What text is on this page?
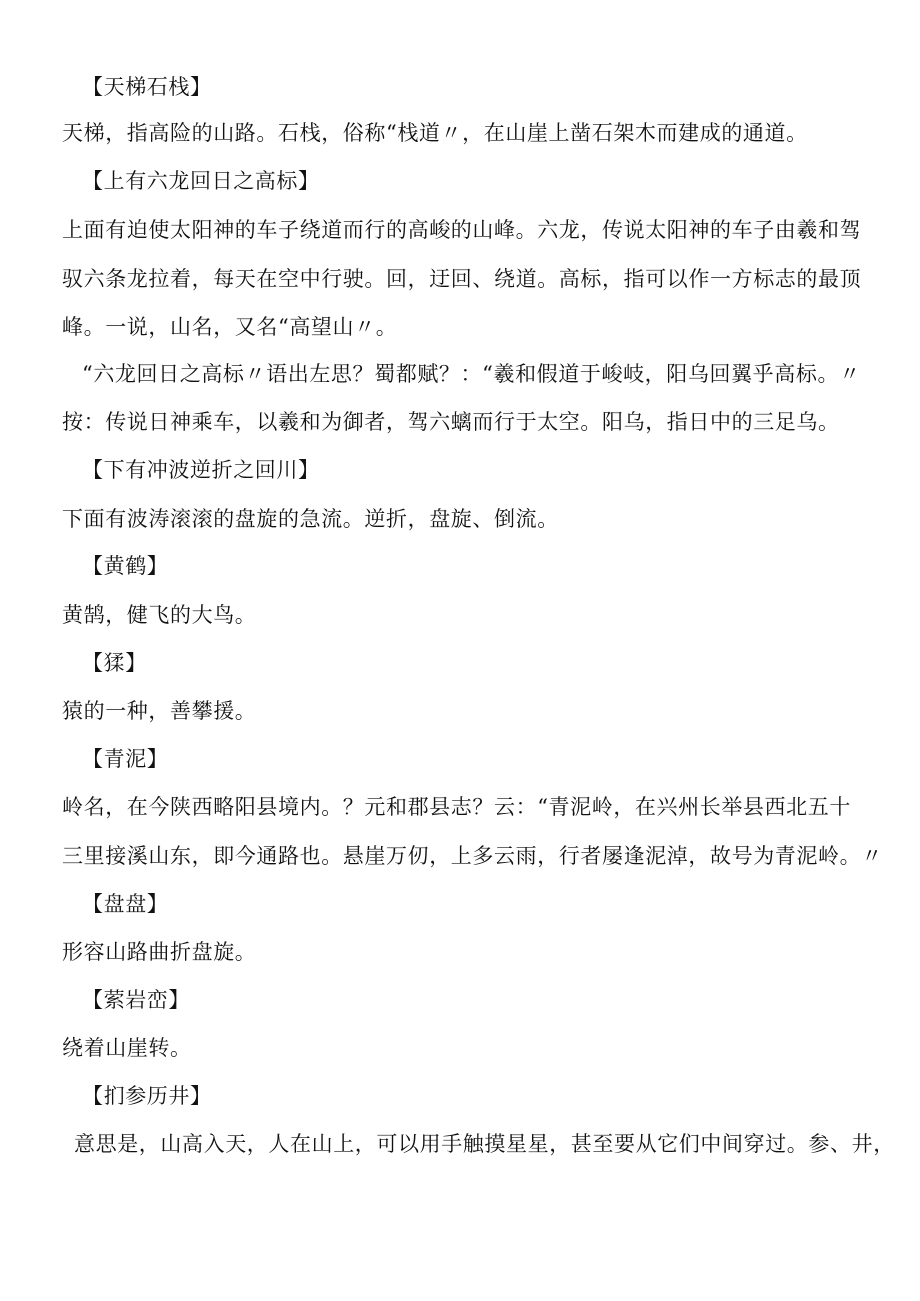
【天梯石栈】
天梯，指高险的山路。石栈，俗称“栈道〃，在山崖上凿石架木而建成的通道。
【上有六龙回日之高标】
上面有迫使太阳神的车子绕道而行的高峻的山峰。六龙，传说太阳神的车子由羲和驾
驭六条龙拉着，每天在空中行驶。回，迂回、绕道。高标，指可以作一方标志的最顶
峰。一说，山名，又名“高望山〃。
“六龙回日之高标〃语出左思？蜀都赋？：“羲和假道于峻岐，阳乌回翼乎高标。〃
按：传说日神乘车，以羲和为御者，驾六螭而行于太空。阳乌，指日中的三足乌。
【下有冲波逆折之回川】
下面有波涛滚滚的盘旋的急流。逆折，盘旋、倒流。
【黄鹤】
黄鹄，健飞的大鸟。
【猱】
猿的一种，善攀援。
【青泥】
岭名，在今陕西略阳县境内。？元和郡县志？云：“青泥岭，在兴州长举县西北五十
三里接溪山东，即今通路也。悬崖万仞，上多云雨，行者屡逢泥淖，故号为青泥岭。〃
【盘盘】
形容山路曲折盘旋。
【萦岩峦】
绕着山崖转。
【扪参历井】
意思是，山高入天，人在山上，可以用手触摸星星，甚至要从它们中间穿过。参、井，
